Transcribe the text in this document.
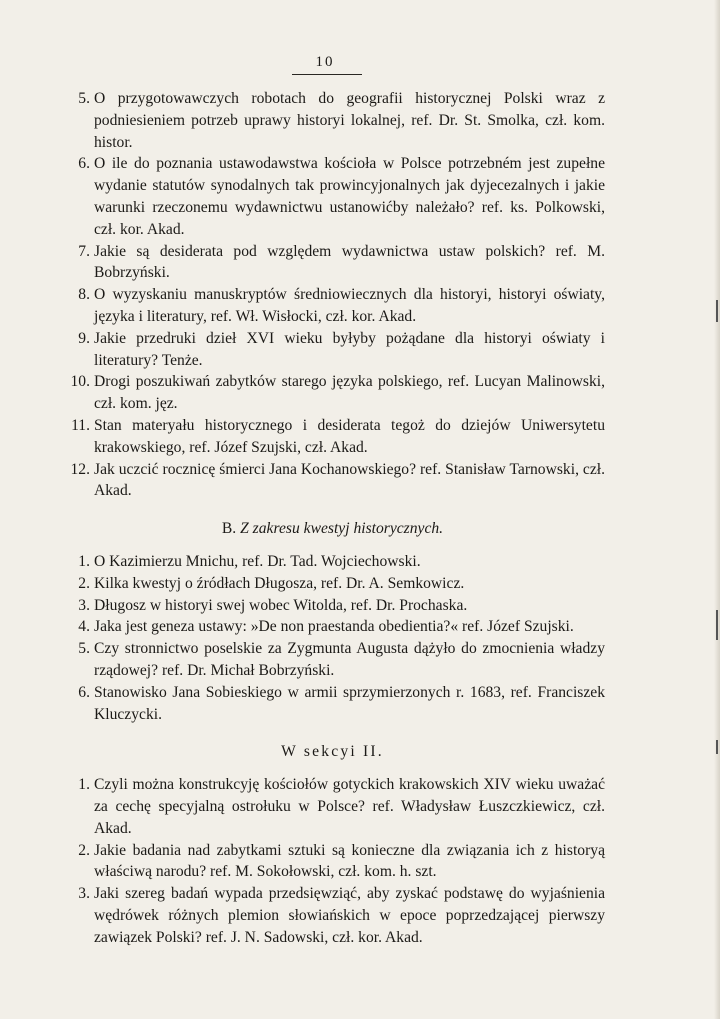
10
5. O przygotowawczych robotach do geografii historycznej Polski wraz z podniesieniem potrzeb uprawy historyi lokalnej, ref. Dr. St. Smolka, czł. kom. histor.
6. O ile do poznania ustawodawstwa kościoła w Polsce potrzebném jest zupełne wydanie statutów synodalnych tak prowincyjonalnych jak dyjecezalnych i jakie warunki rzeczonemu wydawnictwu ustanowićby należało? ref. ks. Polkowski, czł. kor. Akad.
7. Jakie są desiderata pod względem wydawnictwa ustaw polskich? ref. M. Bobrzyński.
8. O wyzyskaniu manuskryptów średniowiecznych dla historyi, historyi oświaty, języka i literatury, ref. Wł. Wisłocki, czł. kor. Akad.
9. Jakie przedruki dzieł XVI wieku byłyby pożądane dla historyi oświaty i literatury? Tenże.
10. Drogi poszukiwań zabytków starego języka polskiego, ref. Lucyan Malinowski, czł. kom. jęz.
11. Stan materyału historycznego i desiderata tegoż do dziejów Uniwersytetu krakowskiego, ref. Józef Szujski, czł. Akad.
12. Jak uczcić rocznicę śmierci Jana Kochanowskiego? ref. Stanisław Tarnowski, czł. Akad.
B. Z zakresu kwestyj historycznych.
1. O Kazimierzu Mnichu, ref. Dr. Tad. Wojciechowski.
2. Kilka kwestyj o źródłach Długosza, ref. Dr. A. Semkowicz.
3. Długosz w historyi swej wobec Witolda, ref. Dr. Prochaska.
4. Jaka jest geneza ustawy: »De non praestanda obedientia?« ref. Józef Szujski.
5. Czy stronnictwo poselskie za Zygmunta Augusta dążyło do zmocnienia władzy rządowej? ref. Dr. Michał Bobrzyński.
6. Stanowisko Jana Sobieskiego w armii sprzymierzonych r. 1683, ref. Franciszek Kluczycki.
W sekcyi II.
1. Czyli można konstrukcyję kościołów gotyckich krakowskich XIV wieku uważać za cechę specyjalną ostrołuku w Polsce? ref. Władysław Łuszczkiewicz, czł. Akad.
2. Jakie badania nad zabytkami sztuki są konieczne dla związania ich z historyą właściwą narodu? ref. M. Sokołowski, czł. kom. h. szt.
3. Jaki szereg badań wypada przedsięwziąć, aby zyskać podstawę do wyjaśnienia wędrówek różnych plemion słowiańskich w epoce poprzedzającej pierwszy zawiązek Polski? ref. J. N. Sadowski, czł. kor. Akad.
